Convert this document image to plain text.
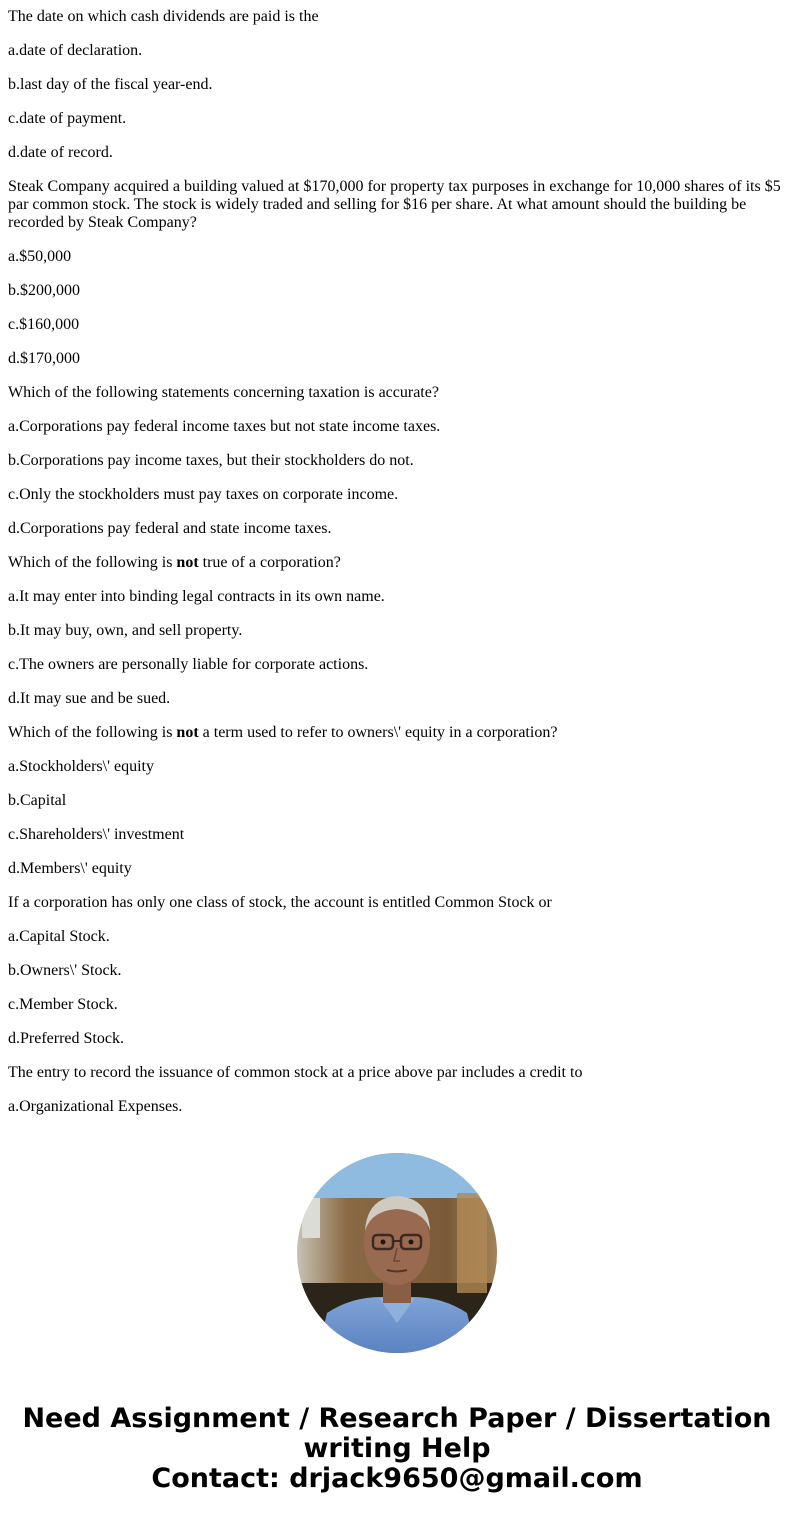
The date on which cash dividends are paid is the

a.date of declaration.

b.last day of the fiscal year-end.

c.date of payment.

d.date of record.

Steak Company acquired a building valued at $170,000 for property tax purposes in exchange for 10,000 shares of its $5 par common stock. The stock is widely traded and selling for $16 per share. At what amount should the building be recorded by Steak Company?

a.$50,000

b.$200,000

c.$160,000

d.$170,000

Which of the following statements concerning taxation is accurate?

a.Corporations pay federal income taxes but not state income taxes.

b.Corporations pay income taxes, but their stockholders do not.

c.Only the stockholders must pay taxes on corporate income.

d.Corporations pay federal and state income taxes.

Which of the following is not true of a corporation?

a.It may enter into binding legal contracts in its own name.

b.It may buy, own, and sell property.

c.The owners are personally liable for corporate actions.

d.It may sue and be sued.

Which of the following is not a term used to refer to owners\' equity in a corporation?

a.Stockholders\' equity

b.Capital

c.Shareholders\' investment

d.Members\' equity

If a corporation has only one class of stock, the account is entitled Common Stock or

a.Capital Stock.

b.Owners\' Stock.

c.Member Stock.

d.Preferred Stock.

The entry to record the issuance of common stock at a price above par includes a credit to

a.Organizational Expenses.

Need Assignment / Research Paper / Dissertation
writing Help
Contact: drjack9650@gmail.com
